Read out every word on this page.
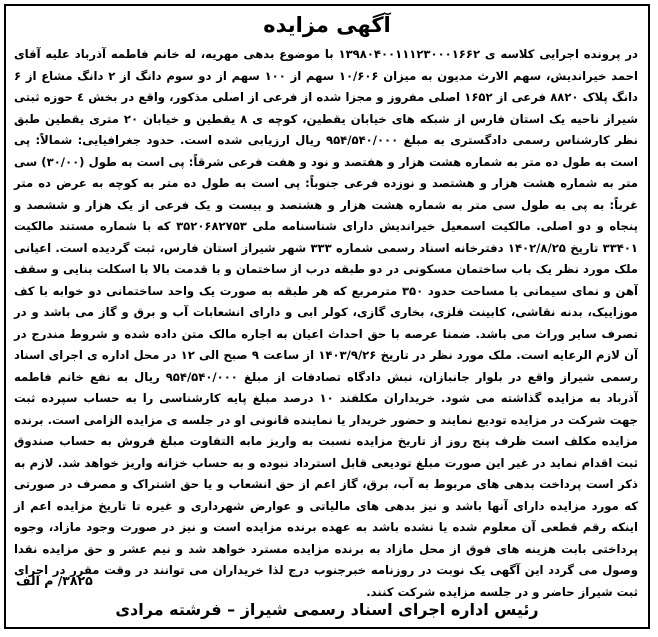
آگهی مزایده

در پرونده اجرایی کلاسه ی ۱۳۹۸۰۴۰۰۱۱۱۲۳۰۰۰۱۶۶۲ با موضوع بدهی مهریه، له خانم فاطمه آذرباد علیه آقای احمد خیراندیش، سهم الارث مدیون به میزان ۱۰/۶۰۶ سهم از ۱۰۰ سهم از دو سوم دانگ از ۲ دانگ مشاع از ۶ دانگ پلاک ۸۸۲۰ فرعی از ۱۶۵۲ اصلی مفروز و مجزا شده از فرعی از اصلی مذکور، واقع در بخش ٤ حوزه ثبتی شیراز ناحیه یک استان فارس از شبکه های خیابان یقطین، کوچه ی ۸ یقطین و خیابان ۲۰ متری یقطین طبق نظر کارشناس رسمی دادگستری به مبلغ ۹۵۴/۵۴۰/۰۰۰ ریال ارزیابی شده است. حدود جغرافیایی: شمالاً: پی است به طول ده متر به شماره هشت هزار و هفتصد و نود و هفت فرعی شرقاً: پی است به طول (۳۰/۰۰) سی متر به شماره هشت هزار و هشتصد و نوزده فرعی جنوباً: پی است به طول ده متر به کوچه به عرض ده متر غرباً: به پی به طول سی متر به شماره هشت هزار و هشتصد و بیست و یک فرعی از یک هزار و ششصد و پنجاه و دو اصلی. مالکیت اسمعیل خیراندیش دارای شناسنامه ملی ۳۵۲۰۶۸۲۷۵۳ که با شماره مستند مالکیت ۳۳۴۰۱ تاریخ ۱۴۰۲/۸/۲۵ دفترخانه اسناد رسمی شماره ۳۳۳ شهر شیراز استان فارس، ثبت گردیده است. اعیانی ملک مورد نظر یک باب ساختمان مسکونی در دو طبقه درب از ساختمان و با قدمت بالا با اسکلت بنایی و سقف آهن و نمای سیمانی با مساحت حدود ۳۵۰ مترمربع که هر طبقه به صورت یک واحد ساختمانی دو خوابه با کف موزاییک، بدنه نقاشی، کابینت فلزی، بخاری گازی، کولر ابی و دارای انشعابات آب و برق و گاز می باشد و در تصرف سایر وراث می باشد. ضمنا عرصه با حق احداث اعیان به اجاره مالک متن داده شده و شروط مندرج در آن لازم الرعایه است. ملک مورد نظر در تاریخ ۱۴۰۳/۹/۲۶ از ساعت ۹ صبح الی ۱۲ در محل اداره ی اجرای اسناد رسمی شیراز واقع در بلوار جانبازان، نبش دادگاه تصادفات از مبلغ ۹۵۴/۵۴۰/۰۰۰ ریال به نفع خانم فاطمه آذرباد به مزایده گذاشته می شود. خریداران مکلفند ۱۰ درصد مبلغ پایه کارشناسی را به حساب سپرده ثبت جهت شرکت در مزایده تودیع نمایند و حضور خریدار یا نماینده قانونی او در جلسه ی مزایده الزامی است. برنده مزایده مکلف است ظرف پنج روز از تاریخ مزایده نسبت به واریز مابه التفاوت مبلغ فروش به حساب صندوق ثبت اقدام نماید در غیر این صورت مبلغ تودیعی قابل استرداد نبوده و به حساب خزانه واریز خواهد شد. لازم به ذکر است پرداخت بدهی های مربوط به آب، برق، گاز اعم از حق انشعاب و یا حق اشتراک و مصرف در صورتی که مورد مزایده دارای آنها باشد و نیز بدهی های مالیاتی و عوارض شهرداری و غیره تا تاریخ مزایده اعم از اینکه رقم قطعی آن معلوم شده یا نشده باشد به عهده برنده مزایده است و نیز در صورت وجود مازاد، وجوه پرداختی بابت هزینه های فوق از محل مازاد به برنده مزایده مسترد خواهد شد و نیم عشر و حق مزایده نقدا وصول می گردد این آگهی یک نوبت در روزنامه خبرجنوب درج لذا خریداران می توانند در وقت مقرر در اجرای ثبت شیراز حاضر و در جلسه مزایده شرکت کنند.

۳۸۲۵/ م الف
رئیس اداره اجرای اسناد رسمی شیراز – فرشته مرادی
